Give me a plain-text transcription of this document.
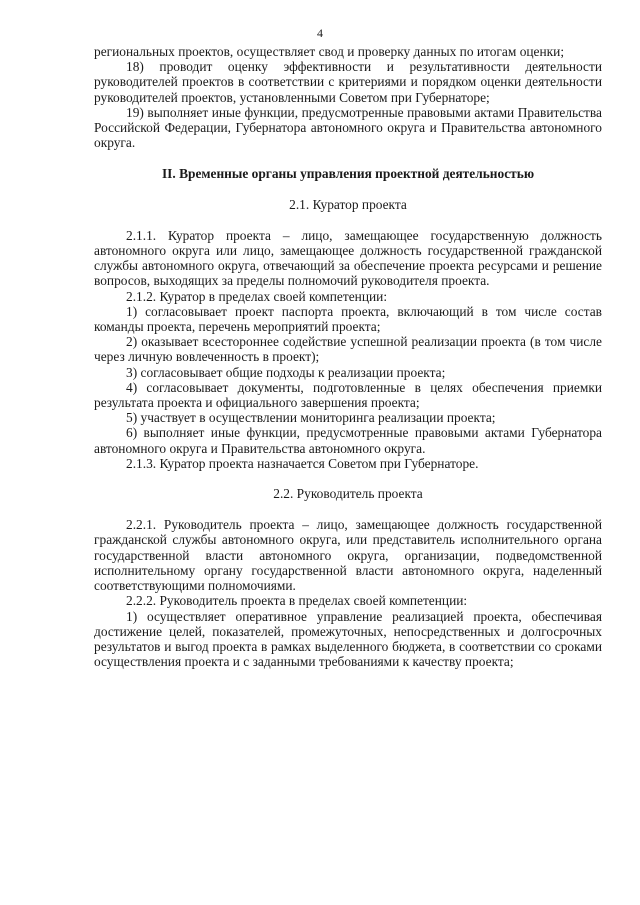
4

региональных проектов, осуществляет свод и проверку данных по итогам оценки;

18) проводит оценку эффективности и результативности деятельности руководителей проектов в соответствии с критериями и порядком оценки деятельности руководителей проектов, установленными Советом при Губернаторе;

19) выполняет иные функции, предусмотренные правовыми актами Правительства Российской Федерации, Губернатора автономного округа и Правительства автономного округа.

II. Временные органы управления проектной деятельностью

2.1. Куратор проекта

2.1.1. Куратор проекта – лицо, замещающее государственную должность автономного округа или лицо, замещающее должность государственной гражданской службы автономного округа, отвечающий за обеспечение проекта ресурсами и решение вопросов, выходящих за пределы полномочий руководителя проекта.

2.1.2. Куратор в пределах своей компетенции:

1) согласовывает проект паспорта проекта, включающий в том числе состав команды проекта, перечень мероприятий проекта;

2) оказывает всестороннее содействие успешной реализации проекта (в том числе через личную вовлеченность в проект);

3) согласовывает общие подходы к реализации проекта;

4) согласовывает документы, подготовленные в целях обеспечения приемки результата проекта и официального завершения проекта;

5) участвует в осуществлении мониторинга реализации проекта;

6) выполняет иные функции, предусмотренные правовыми актами Губернатора автономного округа и Правительства автономного округа.

2.1.3. Куратор проекта назначается Советом при Губернаторе.

2.2. Руководитель проекта

2.2.1. Руководитель проекта – лицо, замещающее должность государственной гражданской службы автономного округа, или представитель исполнительного органа государственной власти автономного округа, организации, подведомственной исполнительному органу государственной власти автономного округа, наделенный соответствующими полномочиями.

2.2.2. Руководитель проекта в пределах своей компетенции:

1) осуществляет оперативное управление реализацией проекта, обеспечивая достижение целей, показателей, промежуточных, непосредственных и долгосрочных результатов и выгод проекта в рамках выделенного бюджета, в соответствии со сроками осуществления проекта и с заданными требованиями к качеству проекта;
